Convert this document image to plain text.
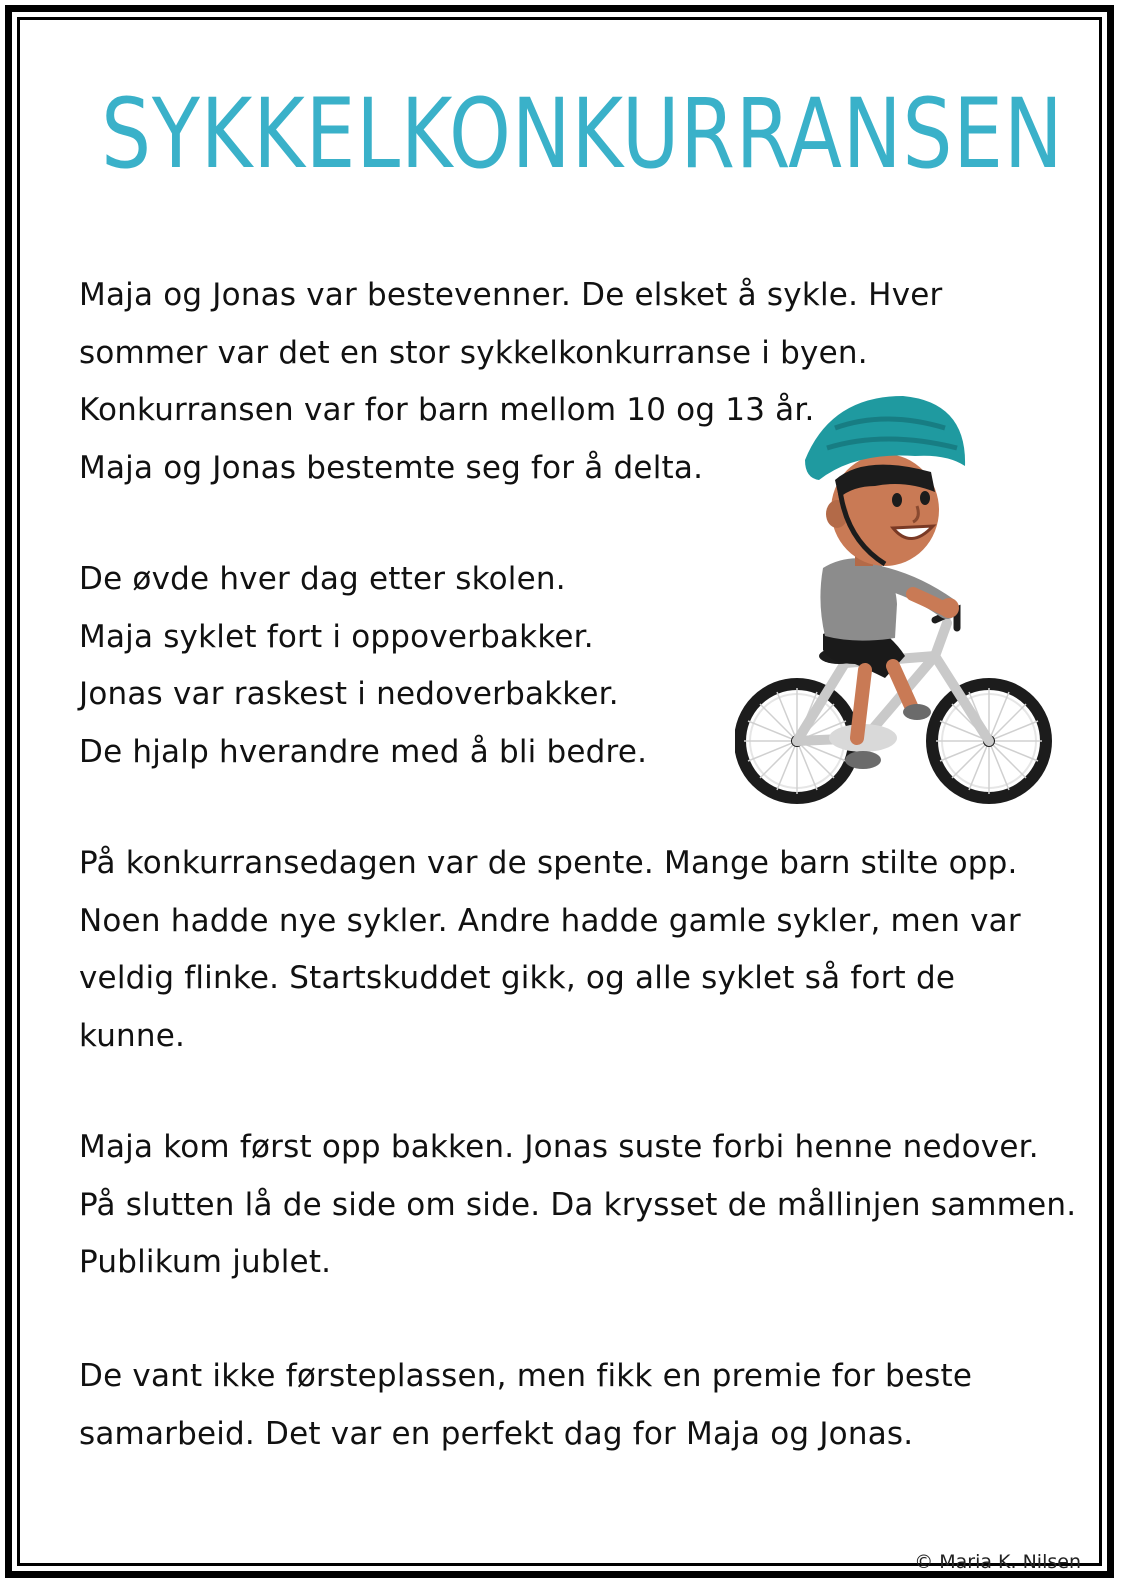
SYKKELKONKURRANSEN
Maja og Jonas var bestevenner. De elsket å sykle. Hver
sommer var det en stor sykkelkonkurranse i byen.
Konkurransen var for barn mellom 10 og 13 år.
Maja og Jonas bestemte seg for å delta.
De øvde hver dag etter skolen.
Maja syklet fort i oppoverbakker.
Jonas var raskest i nedoverbakker.
De hjalp hverandre med å bli bedre.
På konkurransedagen var de spente. Mange barn stilte opp.
Noen hadde nye sykler. Andre hadde gamle sykler, men var
veldig flinke. Startskuddet gikk, og alle syklet så fort de
kunne.
Maja kom først opp bakken. Jonas suste forbi henne nedover.
På slutten lå de side om side. Da krysset de mållinjen sammen.
Publikum jublet.
De vant ikke førsteplassen, men fikk en premie for beste
samarbeid. Det var en perfekt dag for Maja og Jonas.
© Maria K. Nilsen
